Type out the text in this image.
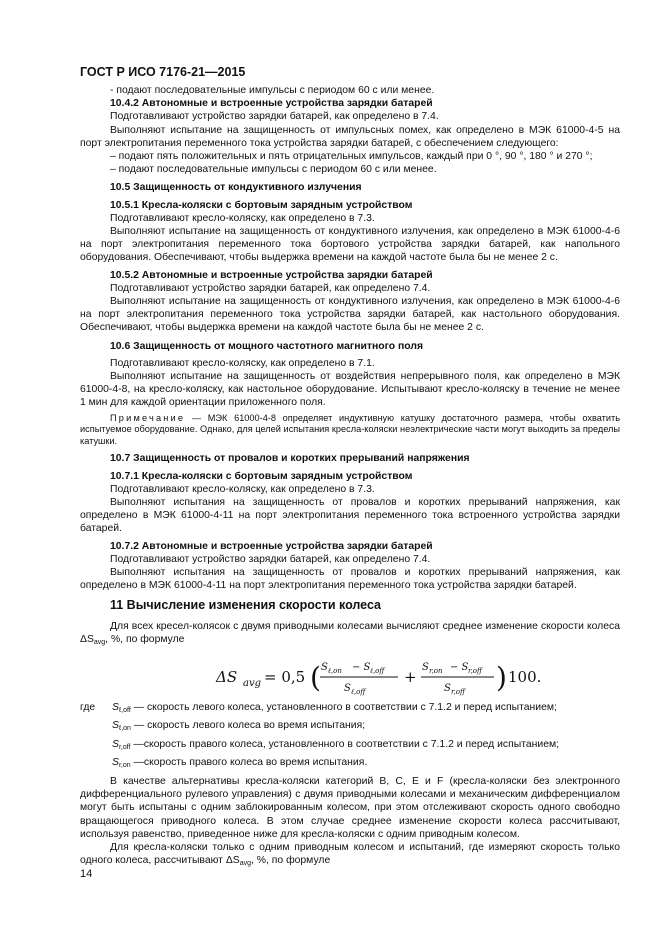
ГОСТ Р ИСО 7176-21—2015

- подают последовательные импульсы с периодом 60 с или менее.

10.4.2 Автономные и встроенные устройства зарядки батарей

Подготавливают устройство зарядки батарей, как определено в 7.4.

Выполняют испытание на защищенность от импульсных помех, как определено в МЭК 61000-4-5 на порт электропитания переменного тока устройства зарядки батарей, с обеспечением следующего:

– подают пять положительных и пять отрицательных импульсов, каждый при 0 °, 90 °, 180 ° и 270 °;

– подают последовательные импульсы с периодом 60 с или менее.

10.5 Защищенность от кондуктивного излучения

10.5.1 Кресла-коляски с бортовым зарядным устройством

Подготавливают кресло-коляску, как определено в 7.3.

Выполняют испытание на защищенность от кондуктивного излучения, как определено в МЭК 61000-4-6 на порт электропитания переменного тока бортового устройства зарядки батарей, как напольного оборудования. Обеспечивают, чтобы выдержка времени на каждой частоте была бы не менее 2 с.

10.5.2 Автономные и встроенные устройства зарядки батарей

Подготавливают устройство зарядки батарей, как определено 7.4.

Выполняют испытание на защищенность от кондуктивного излучения, как определено в МЭК 61000-4-6 на порт электропитания переменного тока устройства зарядки батарей, как настольного оборудования. Обеспечивают, чтобы выдержка времени на каждой частоте была бы не менее 2 с.

10.6 Защищенность от мощного частотного магнитного поля

Подготавливают кресло-коляску, как определено в 7.1.

Выполняют испытание на защищенность от воздействия непрерывного поля, как определено в МЭК 61000-4-8, на кресло-коляску, как настольное оборудование. Испытывают кресло-коляску в течение не менее 1 мин для каждой ориентации приложенного поля.

Примечание — МЭК 61000-4-8 определяет индуктивную катушку достаточного размера, чтобы охватить испытуемое оборудование. Однако, для целей испытания кресла-коляски неэлектрические части могут выходить за пределы катушки.

10.7 Защищенность от провалов и коротких прерываний напряжения

10.7.1 Кресла-коляски с бортовым зарядным устройством

Подготавливают кресло-коляску, как определено в 7.3.

Выполняют испытания на защищенность от провалов и коротких прерываний напряжения, как определено в МЭК 61000-4-11 на порт электропитания переменного тока встроенного устройства зарядки батарей.

10.7.2 Автономные и встроенные устройства зарядки батарей

Подготавливают устройство зарядки батарей, как определено 7.4.

Выполняют испытания на защищенность от провалов и коротких прерываний напряжения, как определено в МЭК 61000-4-11 на порт электропитания переменного тока устройства зарядки батарей.

11 Вычисление изменения скорости колеса

Для всех кресел-колясок с двумя приводными колесами вычисляют среднее изменение скорости колеса ΔSavg, %, по формуле

ΔS avg = 0,5 ( S ℓ,on − S ℓ,off
S ℓ,off
+
S r,on − S r,off
S r,off ) 100.
где Sℓ,off — скорость левого колеса, установленного в соответствии с 7.1.2 и перед испытанием;
Sℓ,on — скорость левого колеса во время испытания;
Sr,off —скорость правого колеса, установленного в соответствии с 7.1.2 и перед испытанием;
Sr,on —скорость правого колеса во время испытания.

В качестве альтернативы кресла-коляски категорий B, C, E и F (кресла-коляски без электронного дифференциального рулевого управления) с двумя приводными колесами и механическим дифференциалом могут быть испытаны с одним заблокированным колесом, при этом отслеживают скорость одного свободно вращающегося приводного колеса. В этом случае среднее изменение скорости колеса рассчитывают, используя равенство, приведенное ниже для кресла-коляски с одним приводным колесом.

Для кресла-коляски только с одним приводным колесом и испытаний, где измеряют скорость только одного колеса, рассчитывают ΔSavg, %, по формуле

14
